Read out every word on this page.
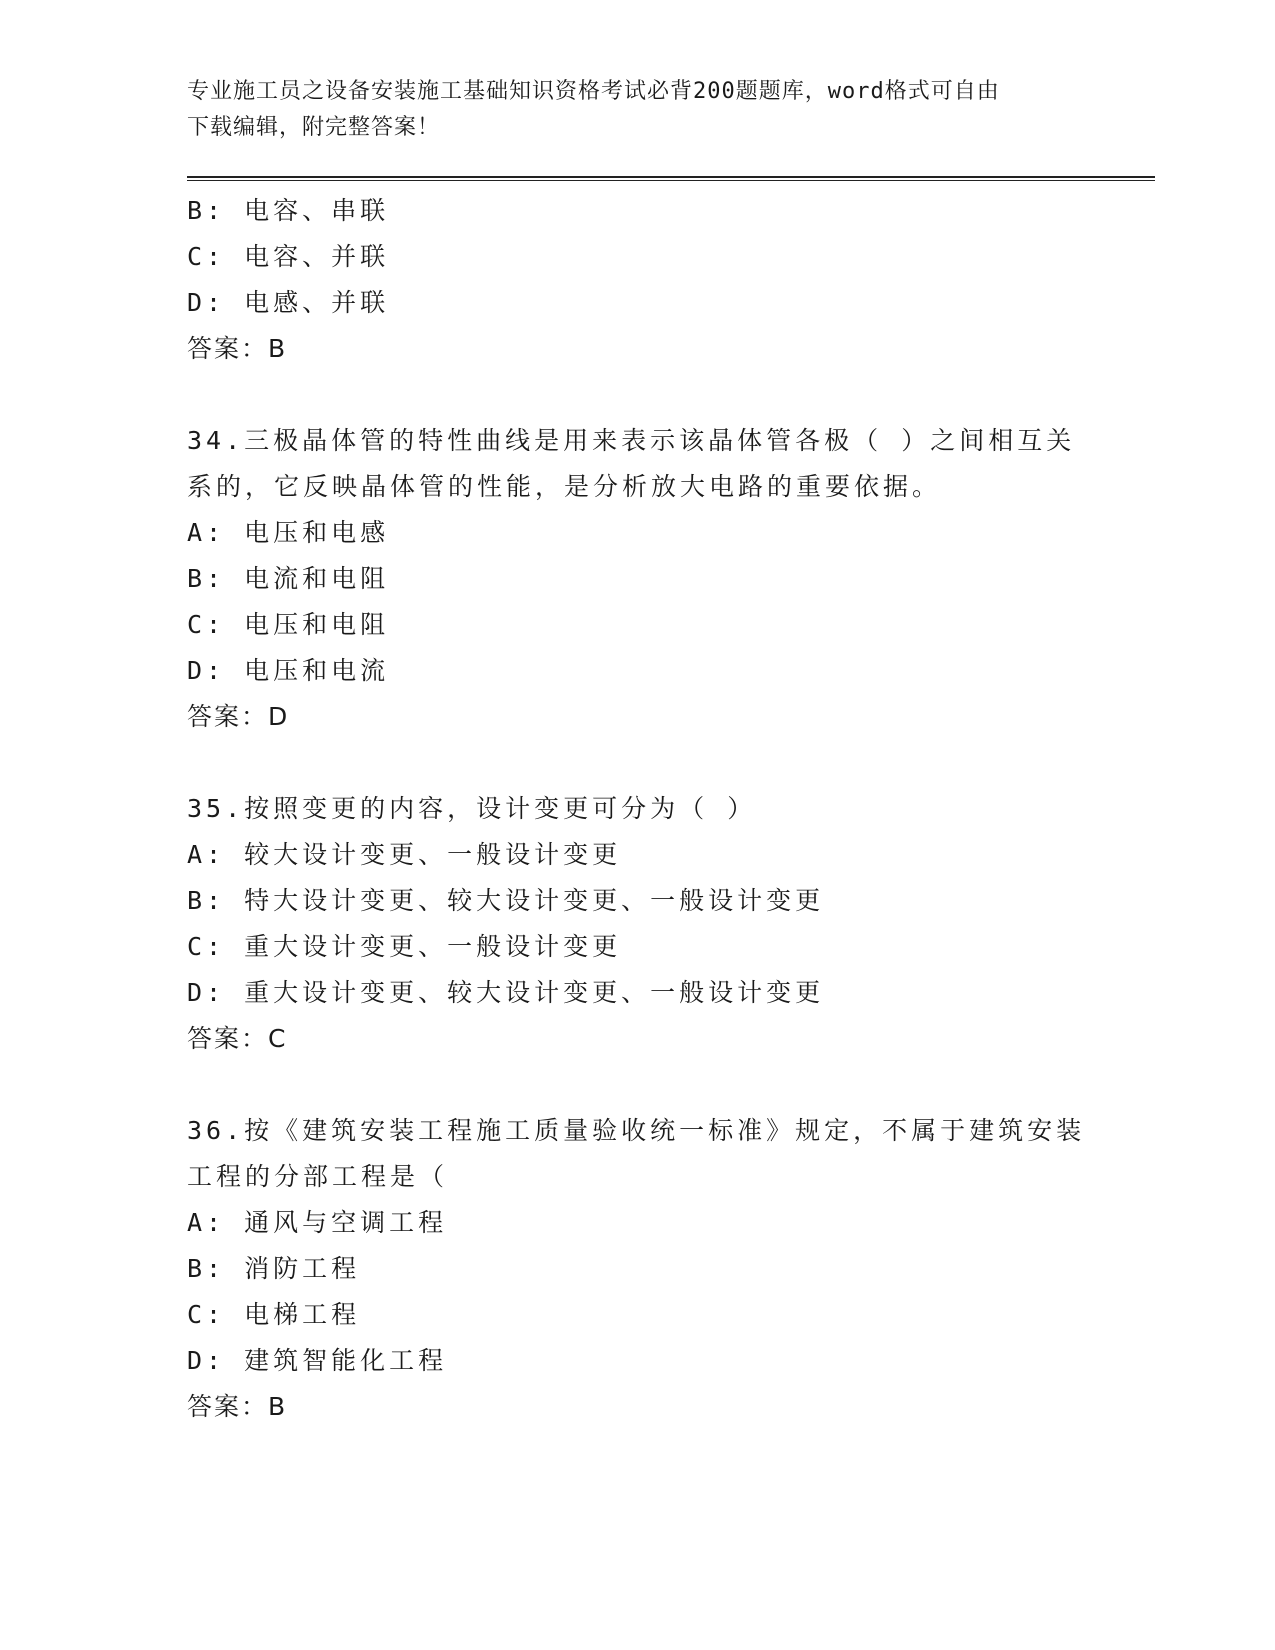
专业施工员之设备安装施工基础知识资格考试必背200题题库，word格式可自由
下载编辑，附完整答案！
B: 电容、串联
C: 电容、并联
D: 电感、并联
答案：B
34.三极晶体管的特性曲线是用来表示该晶体管各极（ ）之间相互关
系的，它反映晶体管的性能，是分析放大电路的重要依据。
A: 电压和电感
B: 电流和电阻
C: 电压和电阻
D: 电压和电流
答案：D
35.按照变更的内容，设计变更可分为（ ）
A: 较大设计变更、一般设计变更
B: 特大设计变更、较大设计变更、一般设计变更
C: 重大设计变更、一般设计变更
D: 重大设计变更、较大设计变更、一般设计变更
答案：C
36.按《建筑安装工程施工质量验收统一标准》规定，不属于建筑安装
工程的分部工程是（
A: 通风与空调工程
B: 消防工程
C: 电梯工程
D: 建筑智能化工程
答案：B
